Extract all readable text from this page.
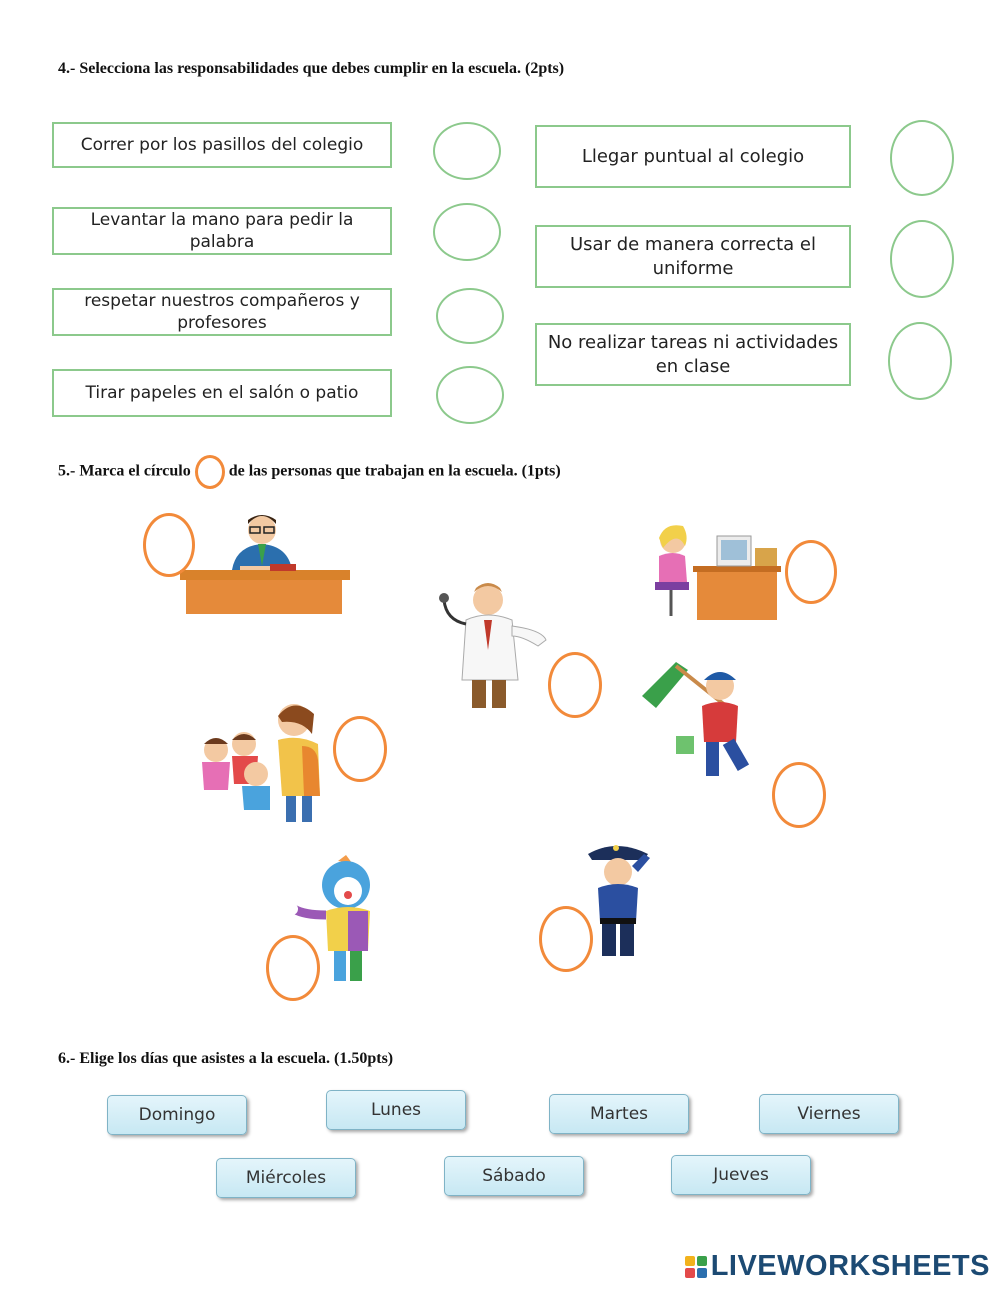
4.- Selecciona las responsabilidades que debes cumplir en la escuela. (2pts)
Correr por los pasillos del colegio
Levantar la mano para pedir la palabra
respetar nuestros compañeros y profesores
Tirar papeles en el salón o patio
Llegar puntual al colegio
Usar de manera correcta el uniforme
No realizar tareas ni actividades en clase
5.- Marca el círculo de las personas que trabajan en la escuela. (1pts)
6.- Elige los días que asistes a la escuela. (1.50pts)
Domingo	Lunes	Martes	Viernes
Miércoles	Sábado	Jueves
LIVEWORKSHEETS
